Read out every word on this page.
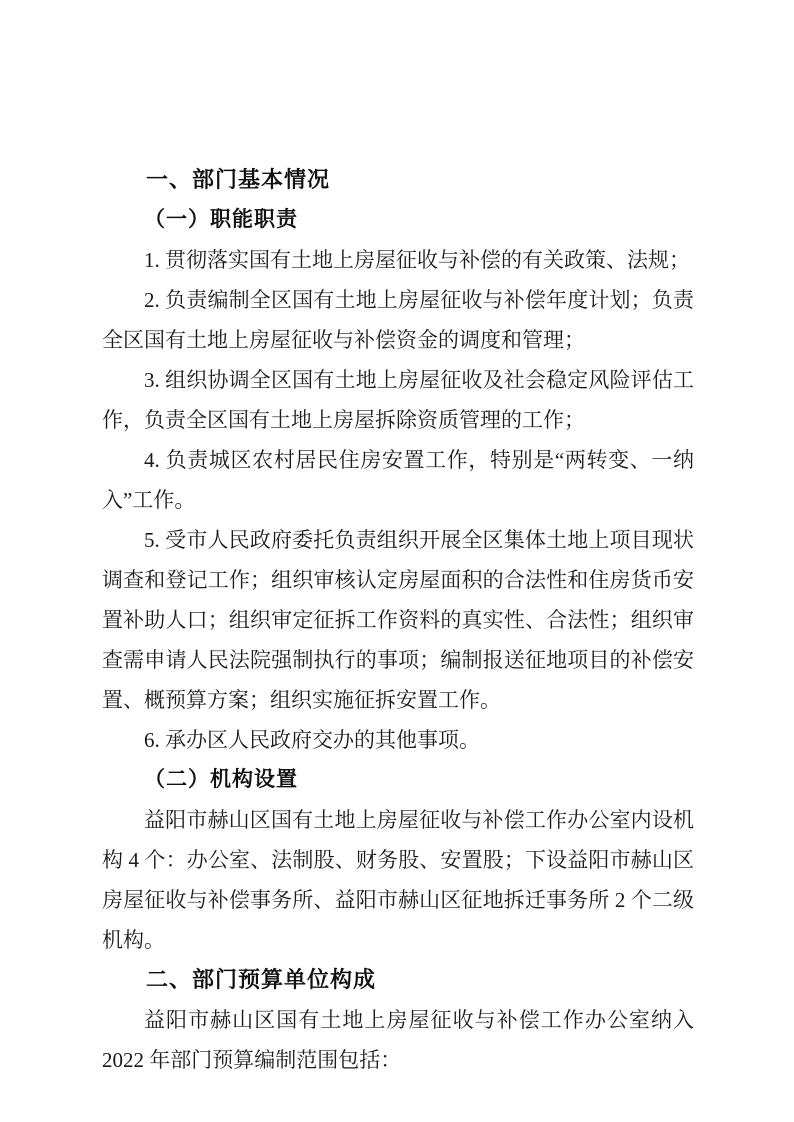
一、部门基本情况
（一）职能职责

1. 贯彻落实国有土地上房屋征收与补偿的有关政策、法规；

2. 负责编制全区国有土地上房屋征收与补偿年度计划；负责全区国有土地上房屋征收与补偿资金的调度和管理；

3. 组织协调全区国有土地上房屋征收及社会稳定风险评估工作，负责全区国有土地上房屋拆除资质管理的工作；

4. 负责城区农村居民住房安置工作，特别是“两转变、一纳入”工作。

5. 受市人民政府委托负责组织开展全区集体土地上项目现状调查和登记工作；组织审核认定房屋面积的合法性和住房货币安置补助人口；组织审定征拆工作资料的真实性、合法性；组织审查需申请人民法院强制执行的事项；编制报送征地项目的补偿安置、概预算方案；组织实施征拆安置工作。

6. 承办区人民政府交办的其他事项。

（二）机构设置

益阳市赫山区国有土地上房屋征收与补偿工作办公室内设机构 4 个：办公室、法制股、财务股、安置股；下设益阳市赫山区房屋征收与补偿事务所、益阳市赫山区征地拆迁事务所 2 个二级机构。

二、部门预算单位构成

益阳市赫山区国有土地上房屋征收与补偿工作办公室纳入 2022 年部门预算编制范围包括：
